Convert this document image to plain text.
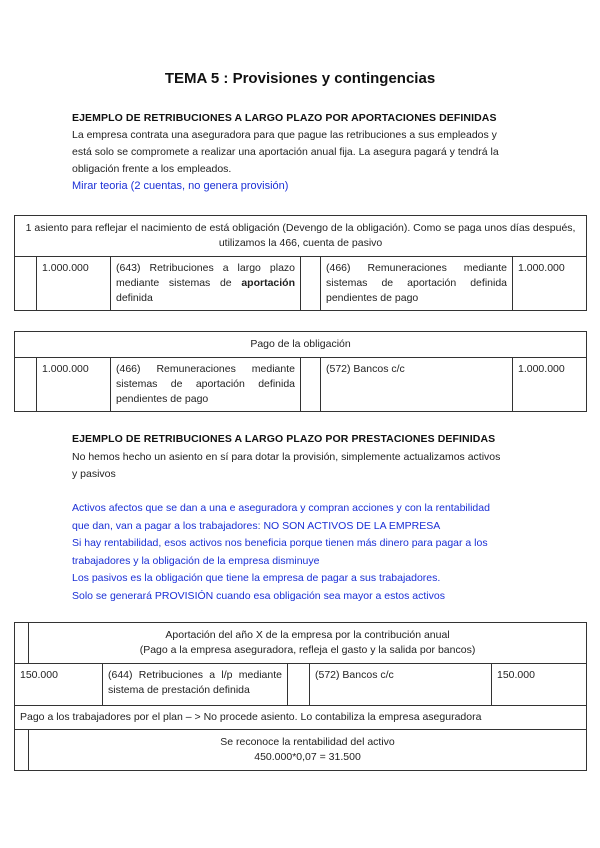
TEMA 5 : Provisiones y contingencias

EJEMPLO DE RETRIBUCIONES A LARGO PLAZO POR APORTACIONES DEFINIDAS

La empresa contrata una aseguradora para que pague las retribuciones a sus empleados y
está solo se compromete a realizar una aportación anual fija. La asegura pagará y tendrá la
obligación frente a los empleados.

Mirar teoria (2 cuentas, no genera provisión)

1 asiento para reflejar el nacimiento de está obligación (Devengo de la obligación). Como se paga unos días después, utilizamos la 466, cuenta de pasivo
	1.000.000	(643) Retribuciones a largo plazo mediante sistemas de aportación definida		(466) Remuneraciones mediante sistemas de aportación definida pendientes de pago	1.000.000
Pago de la obligación
	1.000.000	(466) Remuneraciones mediante sistemas de aportación definida pendientes de pago		(572) Bancos c/c	1.000.000

EJEMPLO DE RETRIBUCIONES A LARGO PLAZO POR PRESTACIONES DEFINIDAS

No hemos hecho un asiento en sí para dotar la provisión, simplemente actualizamos activos
y pasivos

Activos afectos que se dan a una e aseguradora y compran acciones y con la rentabilidad
que dan, van a pagar a los trabajadores: NO SON ACTIVOS DE LA EMPRESA
Si hay rentabilidad, esos activos nos beneficia porque tienen más dinero para pagar a los
trabajadores y la obligación de la empresa disminuye
Los pasivos es la obligación que tiene la empresa de pagar a sus trabajadores.
Solo se generará PROVISIÓN cuando esa obligación sea mayor a estos activos

	Aportación del año X de la empresa por la contribución anual
(Pago a la empresa aseguradora, refleja el gasto y la salida por bancos)				
150.000		(644) Retribuciones a l/p mediante sistema de prestación definida		(572) Bancos c/c	150.000
Pago a los trabajadores por el plan – > No procede asiento. Lo contabiliza la empresa aseguradora					
	Se reconoce la rentabilidad del activo
450.000*0,07 = 31.500				
